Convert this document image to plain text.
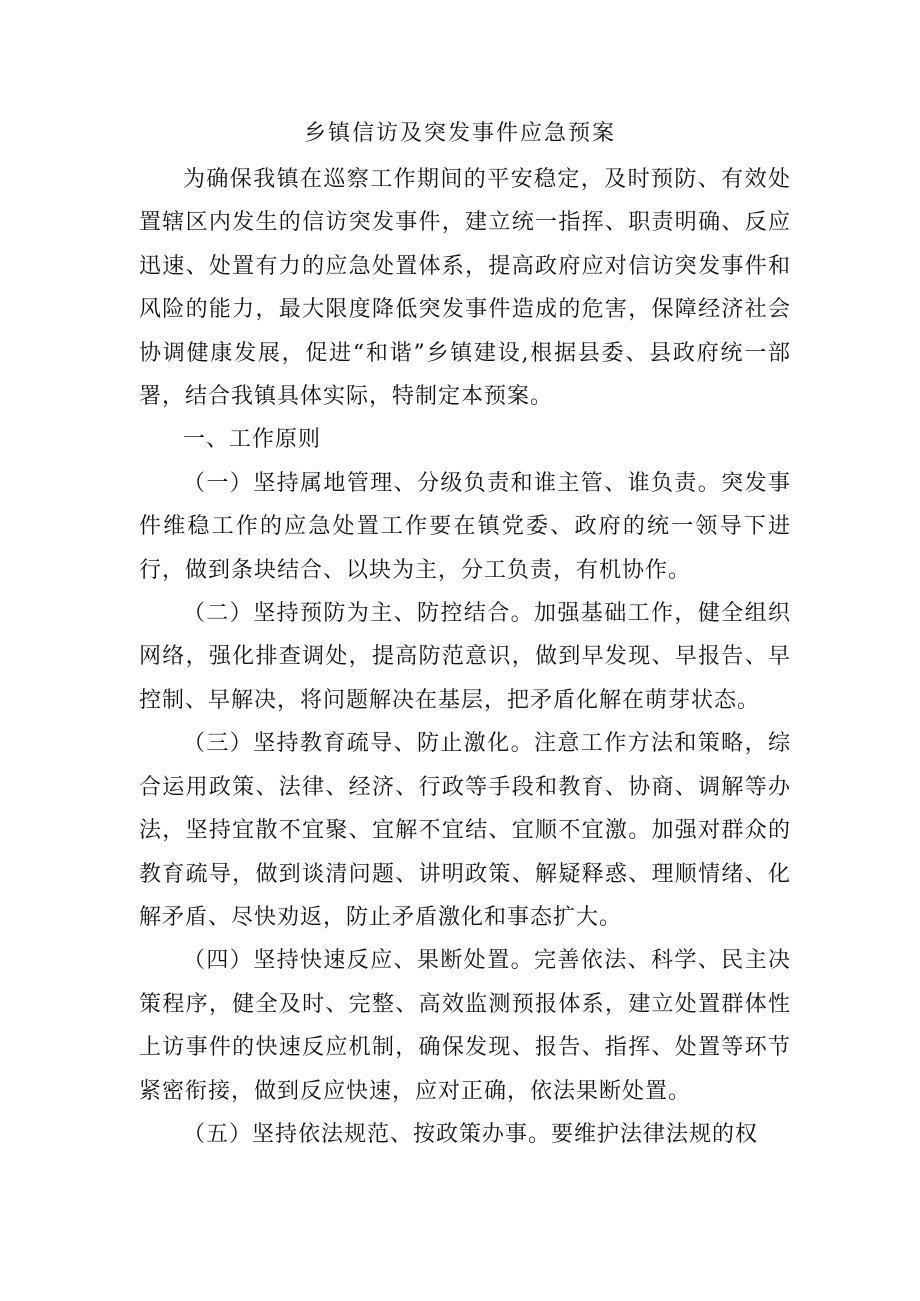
乡镇信访及突发事件应急预案

为确保我镇在巡察工作期间的平安稳定，及时预防、有效处置辖区内发生的信访突发事件，建立统一指挥、职责明确、反应迅速、处置有力的应急处置体系，提高政府应对信访突发事件和风险的能力，最大限度降低突发事件造成的危害，保障经济社会协调健康发展，促进“和谐”乡镇建设,根据县委、县政府统一部署，结合我镇具体实际，特制定本预案。

一、工作原则

（一）坚持属地管理、分级负责和谁主管、谁负责。突发事件维稳工作的应急处置工作要在镇党委、政府的统一领导下进行，做到条块结合、以块为主，分工负责，有机协作。

（二）坚持预防为主、防控结合。加强基础工作，健全组织网络，强化排查调处，提高防范意识，做到早发现、早报告、早控制、早解决，将问题解决在基层，把矛盾化解在萌芽状态。

（三）坚持教育疏导、防止激化。注意工作方法和策略，综合运用政策、法律、经济、行政等手段和教育、协商、调解等办法，坚持宜散不宜聚、宜解不宜结、宜顺不宜激。加强对群众的教育疏导，做到谈清问题、讲明政策、解疑释惑、理顺情绪、化解矛盾、尽快劝返，防止矛盾激化和事态扩大。

（四）坚持快速反应、果断处置。完善依法、科学、民主决策程序，健全及时、完整、高效监测预报体系，建立处置群体性上访事件的快速反应机制，确保发现、报告、指挥、处置等环节紧密衔接，做到反应快速，应对正确，依法果断处置。

（五）坚持依法规范、按政策办事。要维护法律法规的权
